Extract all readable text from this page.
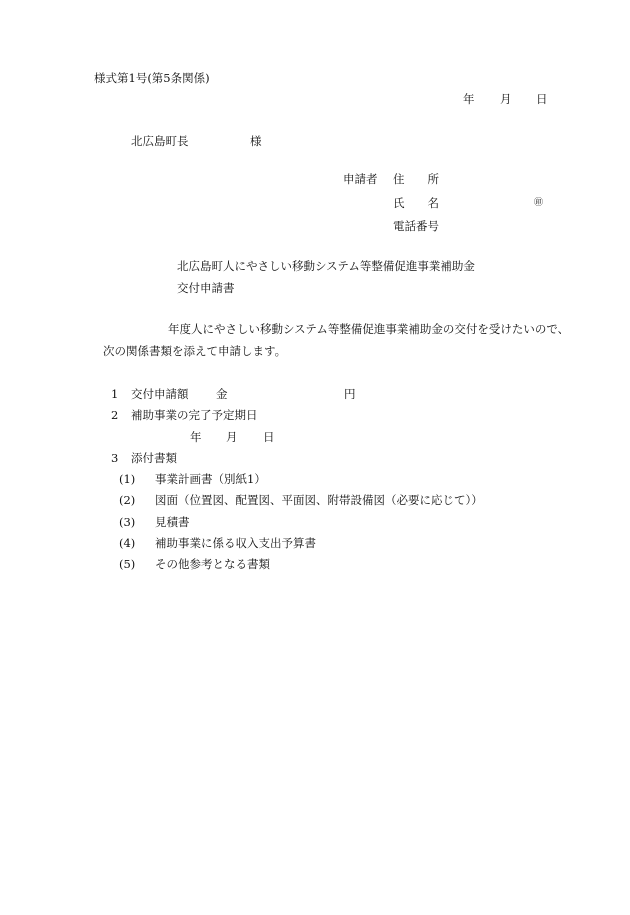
様式第1号(第5条関係)
年 月 日
北広島町長	様
申請者 住　　所
氏　　名	㊞
電話番号
北広島町人にやさしい移動システム等整備促進事業補助金
交付申請書
年度人にやさしい移動システム等整備促進事業補助金の交付を受けたいので、
次の関係書類を添えて申請します。
1 交付申請額 金	円
2 補助事業の完了予定期日
年 月 日
3 添付書類
(1) 事業計画書（別紙1）
(2) 図面（位置図、配置図、平面図、附帯設備図（必要に応じて））
(3) 見積書
(4) 補助事業に係る収入支出予算書
(5) その他参考となる書類
